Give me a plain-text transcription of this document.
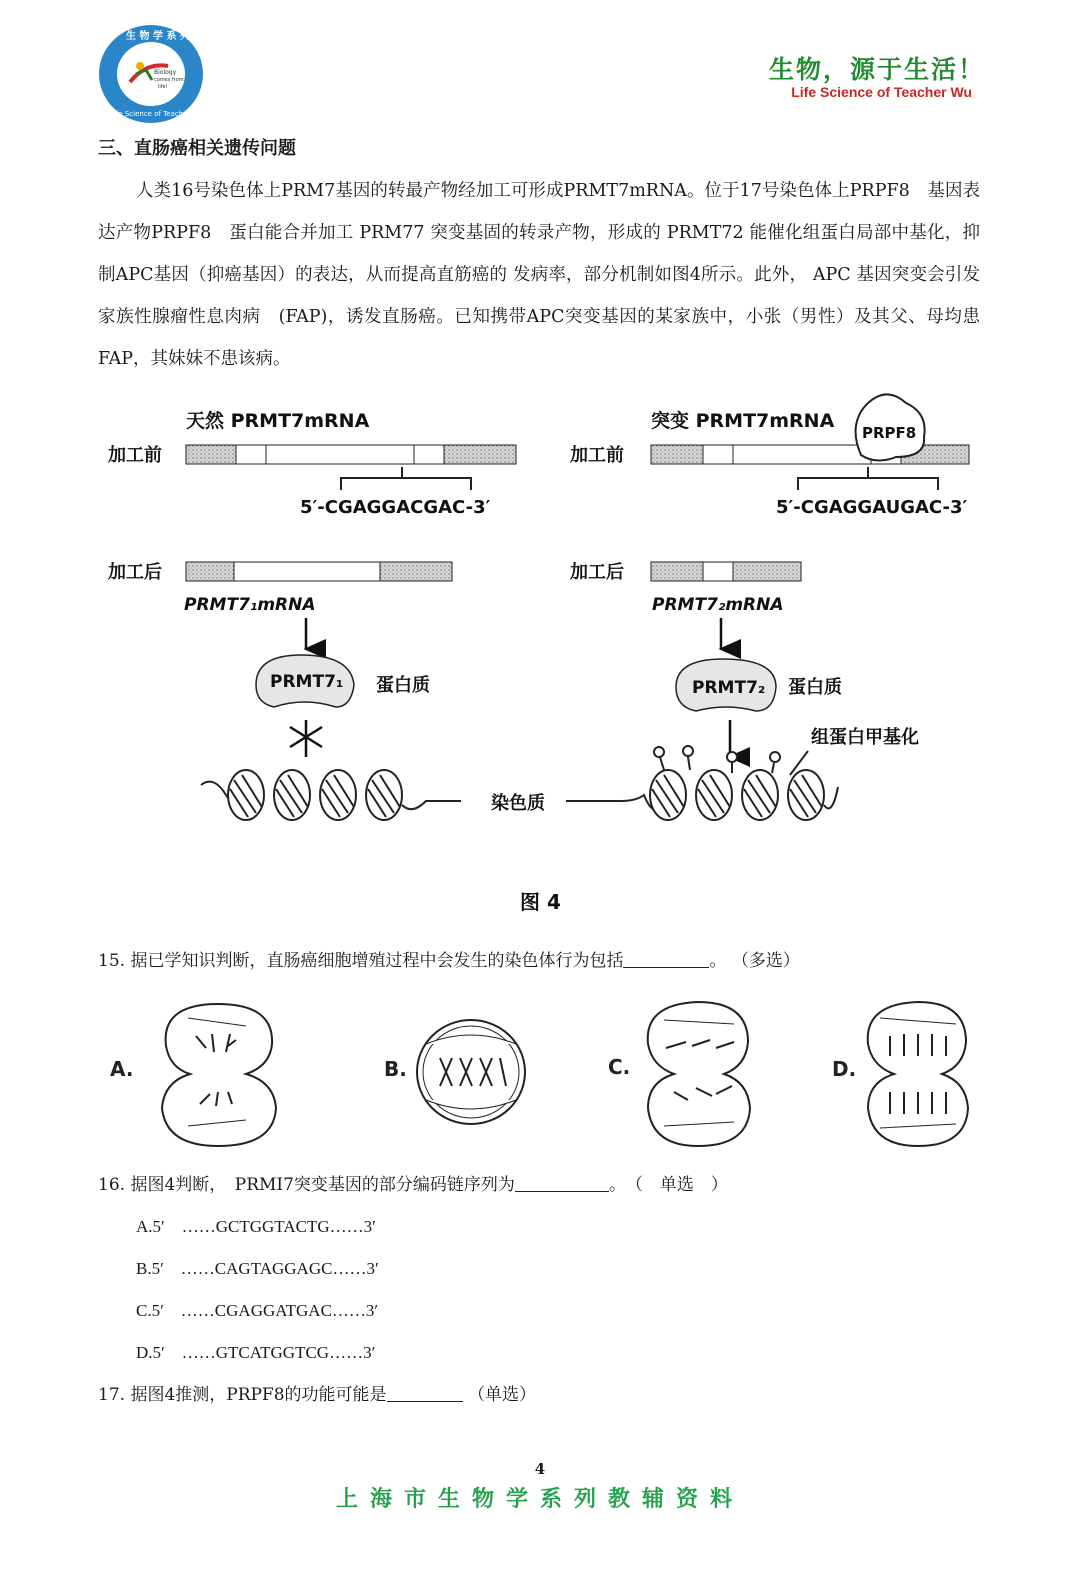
Biology
comes from
life!
生 物 学 系 列
Life Science of Teacher Wu
生物，源于生活！
Life Science of Teacher Wu
三、直肠癌相关遗传问题
人类16号染色体上PRM7基因的转最产物经加工可形成PRMT7mRNA。位于17号染色体上PRPF8　基因表达产物PRPF8　蛋白能合并加工 PRM77 突变基固的转录产物，形成的 PRMT72 能催化组蛋白局部中基化，抑制APC基因（抑癌基因）的表达，从而提高直筋癌的 发病率，部分机制如图4所示。此外， APC 基因突变会引发家族性腺瘤性息肉病　(FAP)，诱发直肠癌。已知携带APC突变基因的某家族中，小张（男性）及其父、母均患FAP，其妹妹不患该病。
天然 PRMT7mRNA
加工前
5′-CGAGGACGAC-3′
加工后
PRMT7₁mRNA
PRMT7₁ 蛋白质
染色质
突变 PRMT7mRNA
加工前
PRPF8
5′-CGAGGAUGAC-3′
加工后
PRMT7₂mRNA
PRMT7₂ 蛋白质
组蛋白甲基化
图 4
15. 据已学知识判断，直肠癌细胞增殖过程中会发生的染色体行为包括	。 （多选）
A.	B.	C.	D.
16. 据图4判断，　PRMI7突变基因的部分编码链序列为	。　（　单选　）
A.5′　……GCTGGTACTG……3′
B.5′　……CAGTAGGAGC……3′
C.5′　……CGAGGATGAC……3′
D.5′　……GTCATGGTCG……3′
17. 据图4推测，PRPF8的功能可能是	（单选）
4
上海市生物学系列教辅资料
